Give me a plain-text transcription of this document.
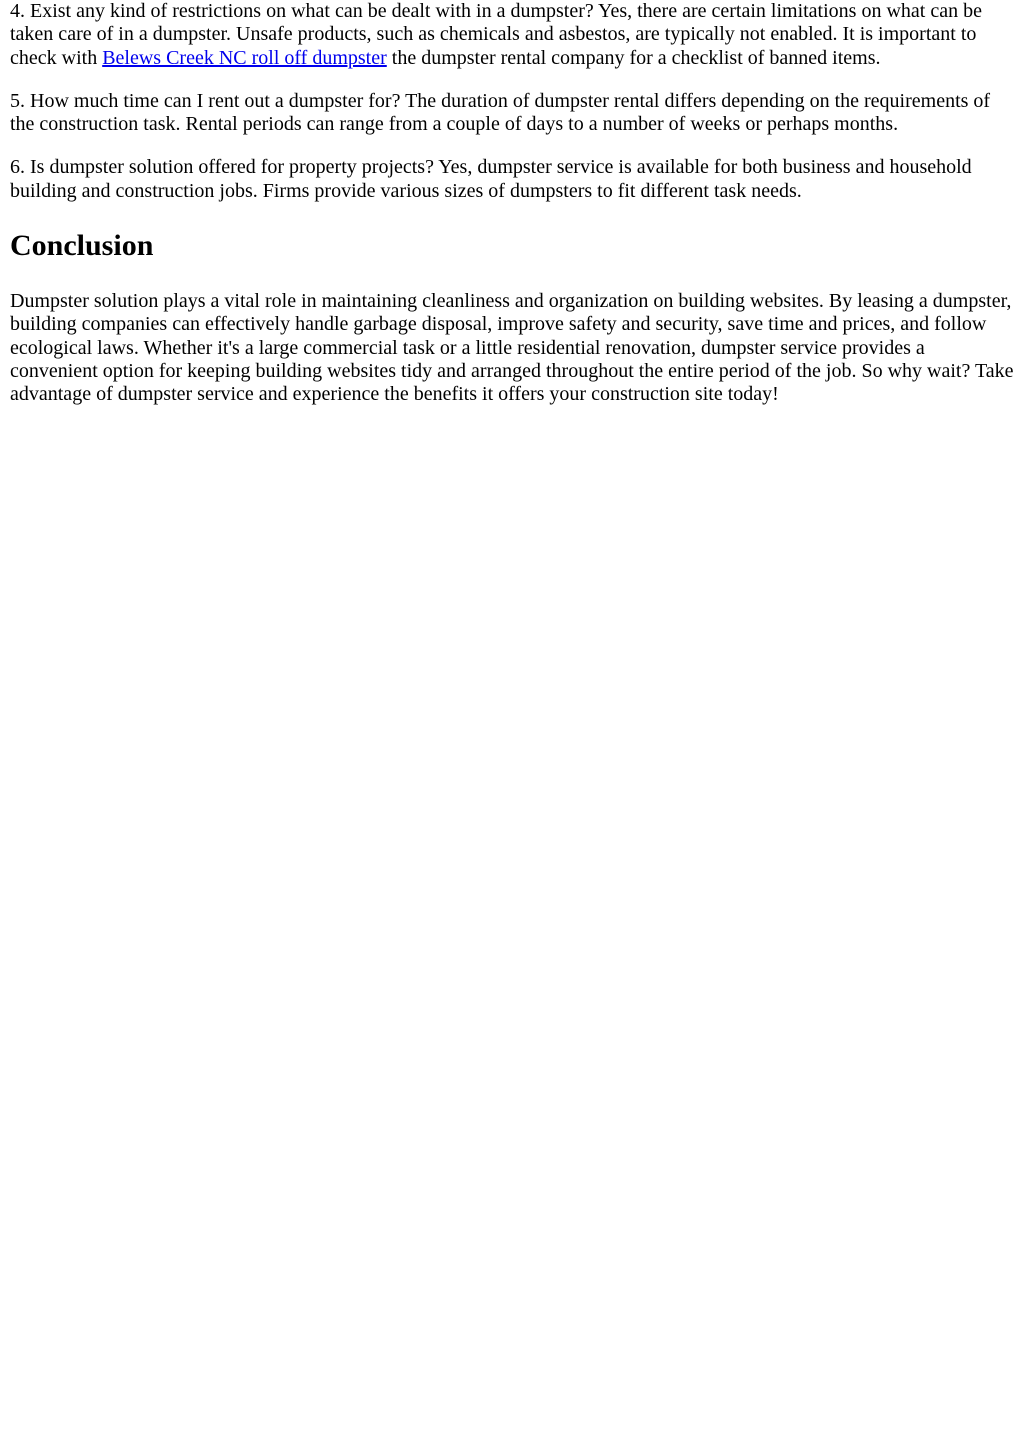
4. Exist any kind of restrictions on what can be dealt with in a dumpster? Yes, there are certain limitations on what can be taken care of in a dumpster. Unsafe products, such as chemicals and asbestos, are typically not enabled. It is important to check with Belews Creek NC roll off dumpster the dumpster rental company for a checklist of banned items.

5. How much time can I rent out a dumpster for? The duration of dumpster rental differs depending on the requirements of the construction task. Rental periods can range from a couple of days to a number of weeks or perhaps months.

6. Is dumpster solution offered for property projects? Yes, dumpster service is available for both business and household building and construction jobs. Firms provide various sizes of dumpsters to fit different task needs.

Conclusion

Dumpster solution plays a vital role in maintaining cleanliness and organization on building websites. By leasing a dumpster, building companies can effectively handle garbage disposal, improve safety and security, save time and prices, and follow ecological laws. Whether it's a large commercial task or a little residential renovation, dumpster service provides a convenient option for keeping building websites tidy and arranged throughout the entire period of the job. So why wait? Take advantage of dumpster service and experience the benefits it offers your construction site today!
